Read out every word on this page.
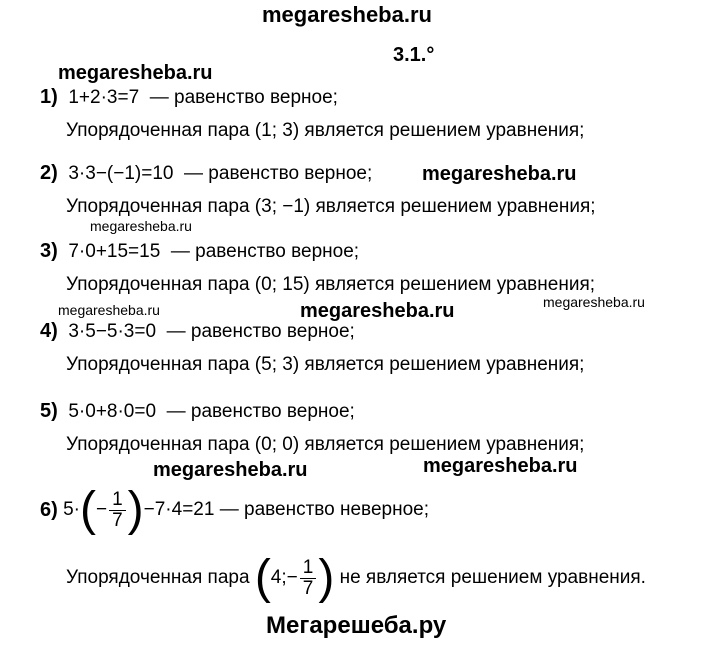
megaresheba.ru
megaresheba.ru
megaresheba.ru
megaresheba.ru
megaresheba.ru	megaresheba.ru	megaresheba.ru
megaresheba.ru	megaresheba.ru
3.1.°
1) 1+2·3=7 — равенство верное;
Упорядоченная пара (1; 3) является решением уравнения;
2) 3·3−(−1)=10 — равенство верное;
Упорядоченная пара (3; −1) является решением уравнения;
3) 7·0+15=15 — равенство верное;
Упорядоченная пара (0; 15) является решением уравнения;
4) 3·5−5·3=0 — равенство верное;
Упорядоченная пара (5; 3) является решением уравнения;
5) 5·0+8·0=0 — равенство верное;
Упорядоченная пара (0; 0) является решением уравнения;
6)
5· ( − $\frac{1}{7}$ ) −7·4=21
— равенство неверное;
Упорядоченная пара
( 4;− $\frac{1}{7}$ )
не является решением уравнения.
Мегарешеба.ру
